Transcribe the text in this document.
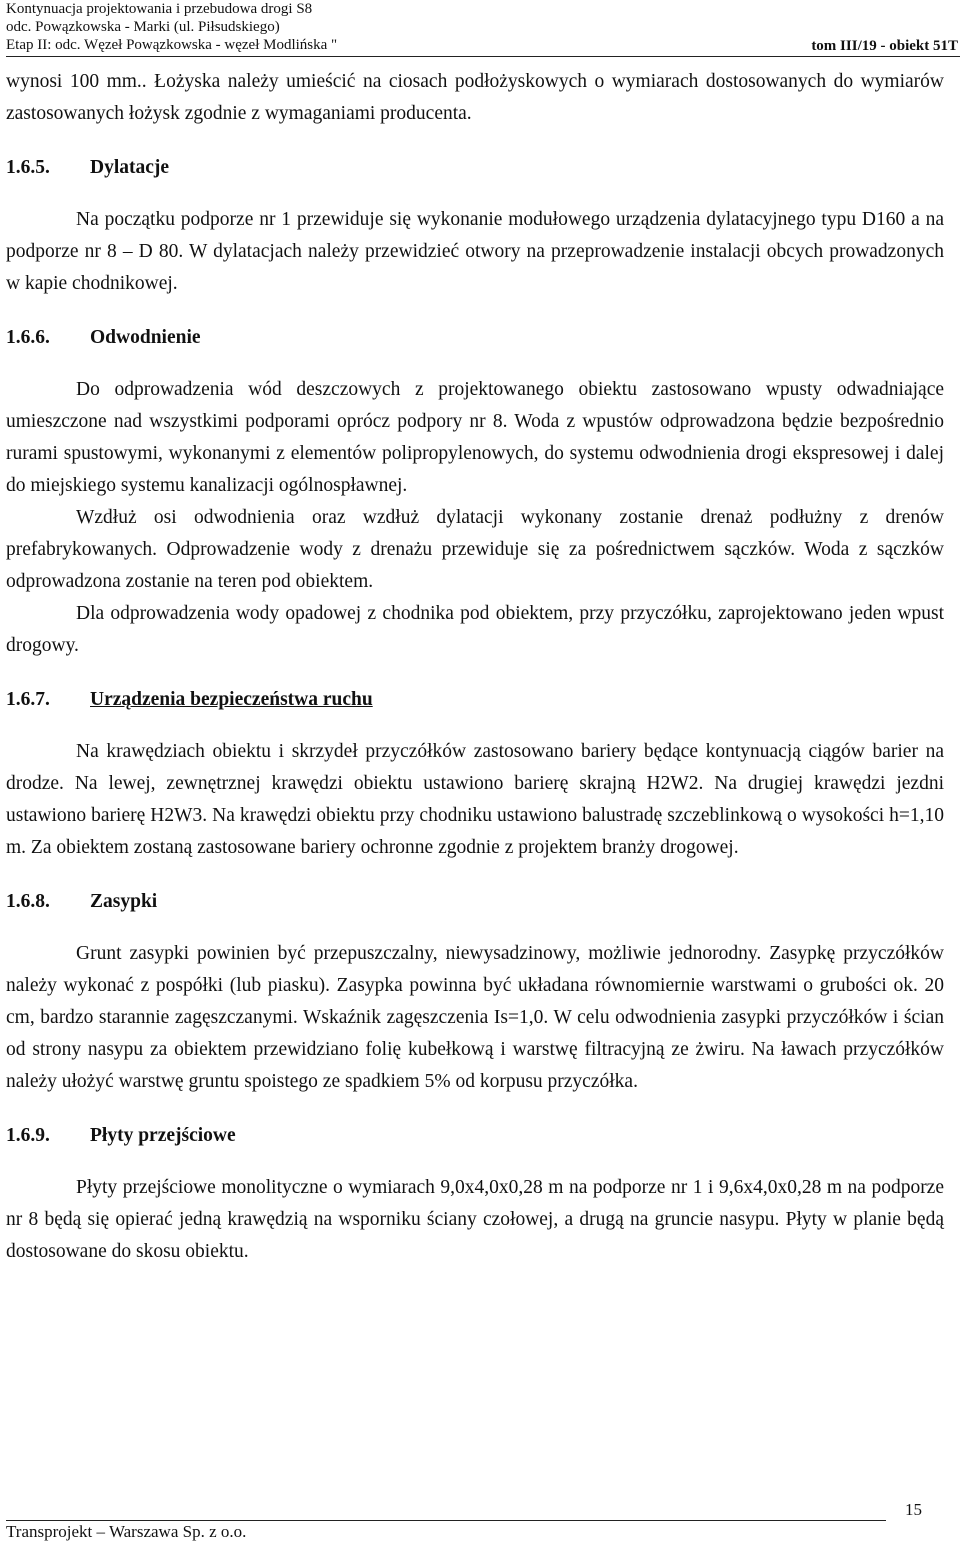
Kontynuacja projektowania i przebudowa drogi S8
odc. Powązkowska - Marki (ul. Piłsudskiego)
Etap II: odc. Węzeł Powązkowska - węzeł Modlińska "	tom III/19 - obiekt 51T

wynosi 100 mm.. Łożyska należy umieścić na ciosach podłożyskowych o wymiarach dostosowanych do wymiarów zastosowanych łożysk zgodnie z wymaganiami producenta.

1.6.5.	Dylatacje

Na początku podporze nr 1 przewiduje się wykonanie modułowego urządzenia dylatacyjnego typu D160 a na podporze nr 8 – D 80. W dylatacjach należy przewidzieć otwory na przeprowadzenie instalacji obcych prowadzonych w kapie chodnikowej.

1.6.6.	Odwodnienie

Do odprowadzenia wód deszczowych z projektowanego obiektu zastosowano wpusty odwadniające umieszczone nad wszystkimi podporami oprócz podpory nr 8. Woda z wpustów odprowadzona będzie bezpośrednio rurami spustowymi, wykonanymi z elementów polipropylenowych, do systemu odwodnienia drogi ekspresowej i dalej do miejskiego systemu kanalizacji ogólnospławnej.

Wzdłuż osi odwodnienia oraz wzdłuż dylatacji wykonany zostanie drenaż podłużny z drenów prefabrykowanych. Odprowadzenie wody z drenażu przewiduje się za pośrednictwem sączków. Woda z sączków odprowadzona zostanie na teren pod obiektem.

Dla odprowadzenia wody opadowej z chodnika pod obiektem, przy przyczółku, zaprojektowano jeden wpust drogowy.

1.6.7.	Urządzenia bezpieczeństwa ruchu

Na krawędziach obiektu i skrzydeł przyczółków zastosowano bariery będące kontynuacją ciągów barier na drodze. Na lewej, zewnętrznej krawędzi obiektu ustawiono barierę skrajną H2W2. Na drugiej krawędzi jezdni ustawiono barierę H2W3. Na krawędzi obiektu przy chodniku ustawiono balustradę szczeblinkową o wysokości h=1,10 m. Za obiektem zostaną zastosowane bariery ochronne zgodnie z projektem branży drogowej.

1.6.8.	Zasypki

Grunt zasypki powinien być przepuszczalny, niewysadzinowy, możliwie jednorodny. Zasypkę przyczółków należy wykonać z pospółki (lub piasku). Zasypka powinna być układana równomiernie warstwami o grubości ok. 20 cm, bardzo starannie zagęszczanymi. Wskaźnik zagęszczenia Is=1,0. W celu odwodnienia zasypki przyczółków i ścian od strony nasypu za obiektem przewidziano folię kubełkową i warstwę filtracyjną ze żwiru. Na ławach przyczółków należy ułożyć warstwę gruntu spoistego ze spadkiem 5% od korpusu przyczółka.

1.6.9.	Płyty przejściowe

Płyty przejściowe monolityczne o wymiarach 9,0x4,0x0,28 m na podporze nr 1 i 9,6x4,0x0,28 m na podporze nr 8 będą się opierać jedną krawędzią na wsporniku ściany czołowej, a drugą na gruncie nasypu. Płyty w planie będą dostosowane do skosu obiektu.

15
Transprojekt – Warszawa Sp. z o.o.
